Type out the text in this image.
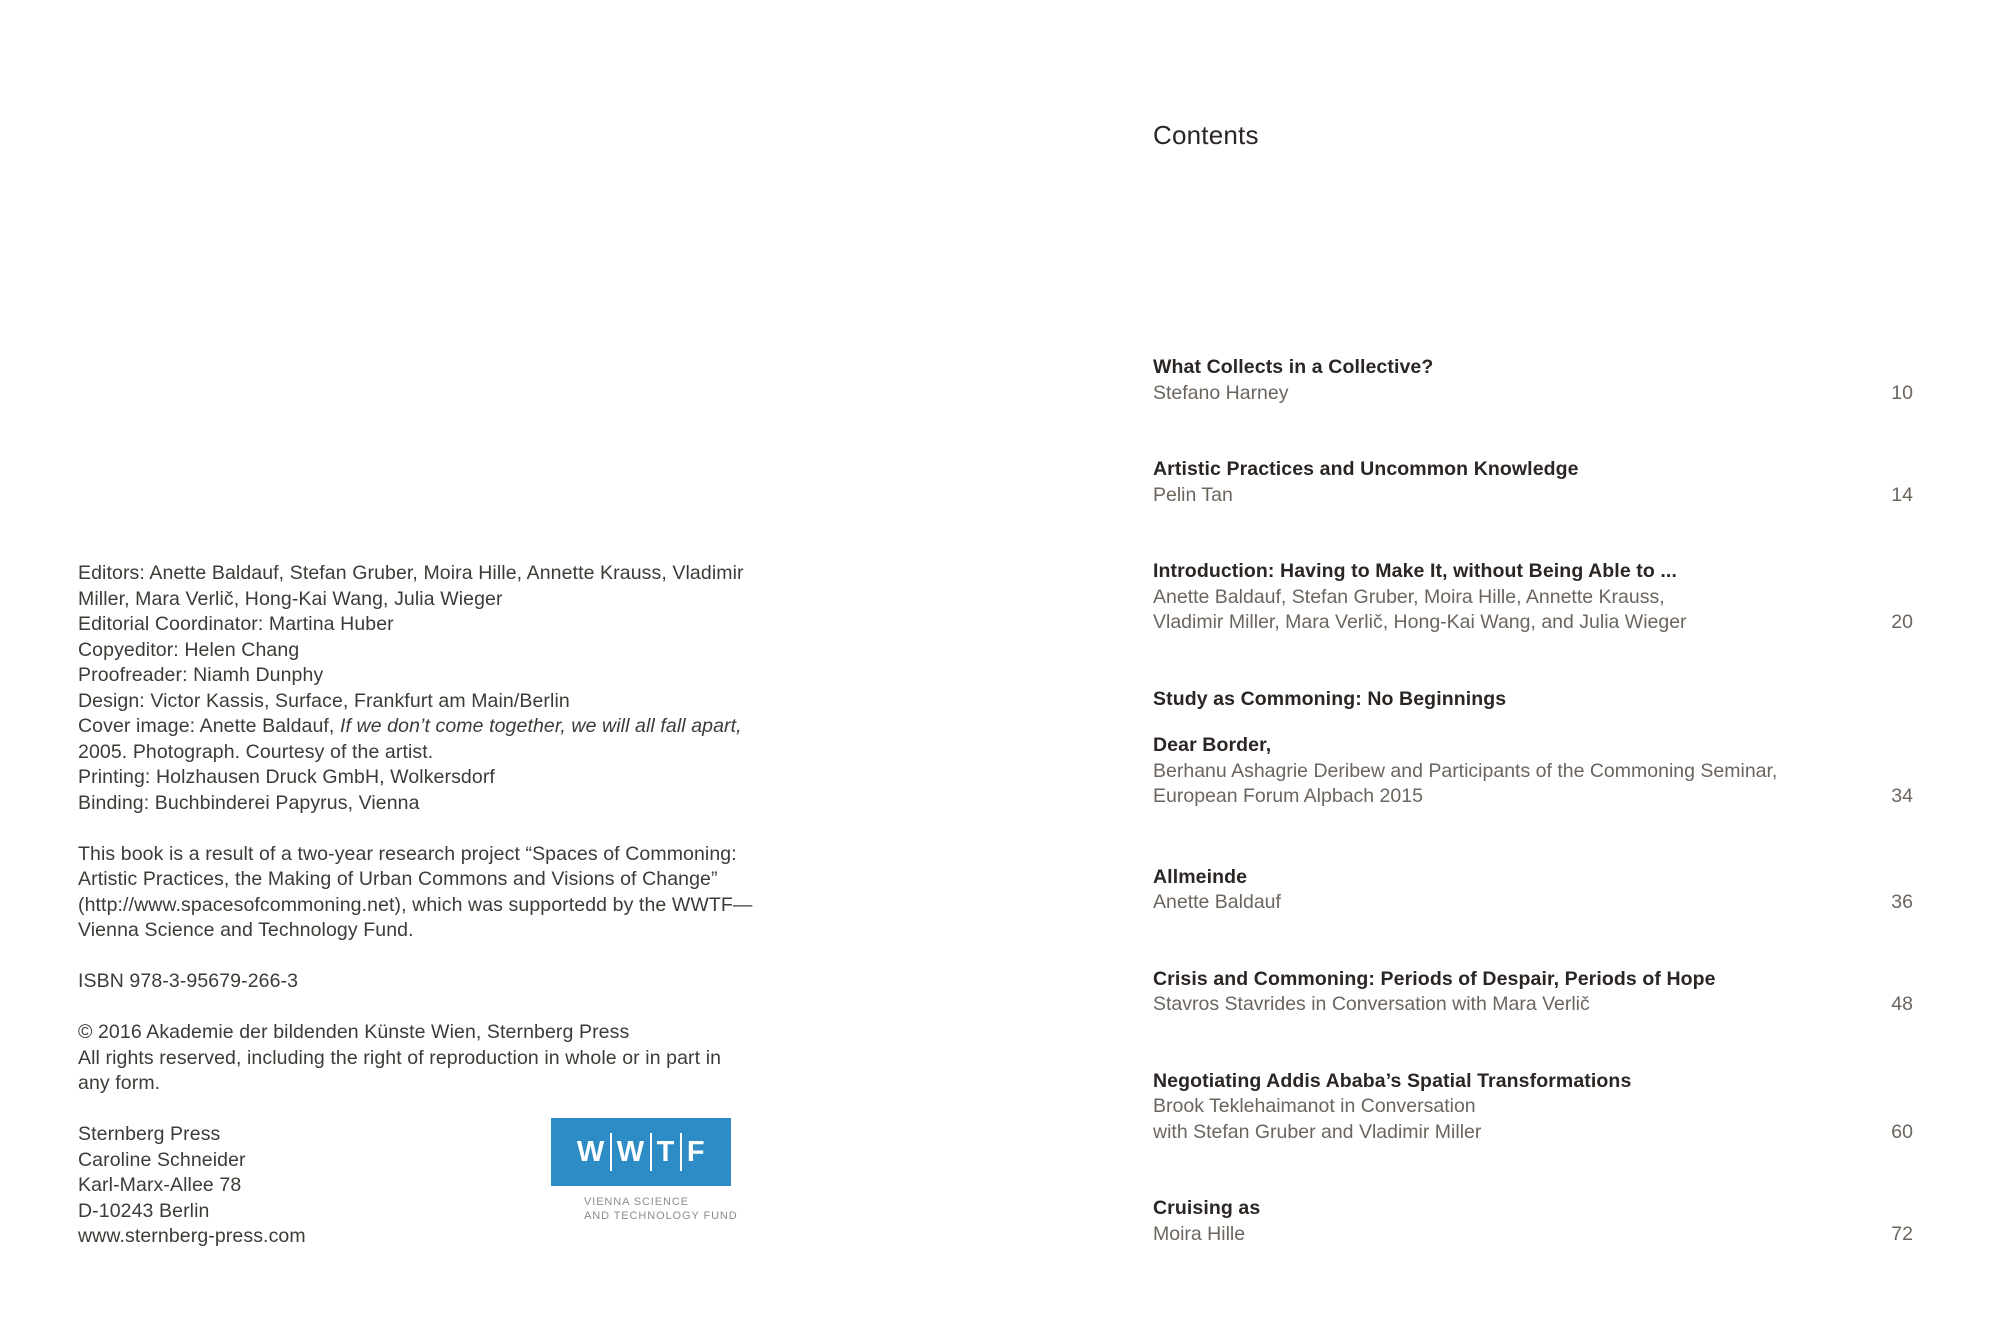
Editors: Anette Baldauf, Stefan Gruber, Moira Hille, Annette Krauss, Vladimir
Miller, Mara Verlič, Hong-Kai Wang, Julia Wieger
Editorial Coordinator: Martina Huber
Copyeditor: Helen Chang
Proofreader: Niamh Dunphy
Design: Victor Kassis, Surface, Frankfurt am Main/Berlin
Cover image: Anette Baldauf, If we don’t come together, we will all fall apart,
2005. Photograph. Courtesy of the artist.
Printing: Holzhausen Druck GmbH, Wolkersdorf
Binding: Buchbinderei Papyrus, Vienna
This book is a result of a two-year research project “Spaces of Commoning:
Artistic Practices, the Making of Urban Commons and Visions of Change”
(http://www.spacesofcommoning.net), which was supportedd by the WWTF—
Vienna Science and Technology Fund.
ISBN 978-3-95679-266-3
© 2016 Akademie der bildenden Künste Wien, Sternberg Press
All rights reserved, including the right of reproduction in whole or in part in
any form.
Sternberg Press
Caroline Schneider
Karl-Marx-Allee 78
D-10243 Berlin
www.sternberg-press.com
W W T F
VIENNA SCIENCE
AND TECHNOLOGY FUND
Contents
What Collects in a Collective?
Stefano Harney	10
Artistic Practices and Uncommon Knowledge
Pelin Tan	14
Introduction: Having to Make It, without Being Able to ...
Anette Baldauf, Stefan Gruber, Moira Hille, Annette Krauss,
Vladimir Miller, Mara Verlič, Hong-Kai Wang, and Julia Wieger	20
Study as Commoning: No Beginnings
Dear Border,
Berhanu Ashagrie Deribew and Participants of the Commoning Seminar,
European Forum Alpbach 2015	34
Allmeinde
Anette Baldauf	36
Crisis and Commoning: Periods of Despair, Periods of Hope
Stavros Stavrides in Conversation with Mara Verlič	48
Negotiating Addis Ababa’s Spatial Transformations
Brook Teklehaimanot in Conversation
with Stefan Gruber and Vladimir Miller	60
Cruising as
Moira Hille	72
